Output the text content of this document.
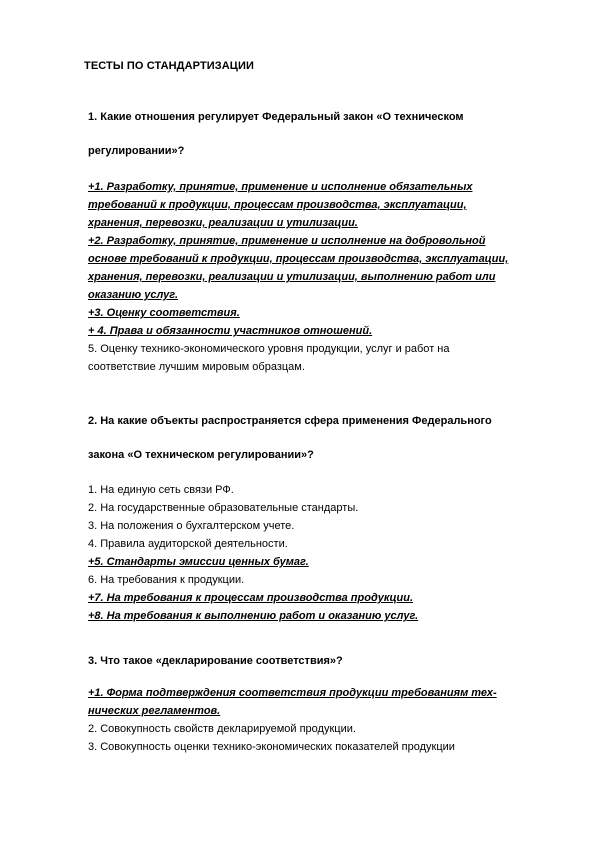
ТЕСТЫ ПО СТАНДАРТИЗАЦИИ
1. Какие отношения регулирует Федеральный закон «О техническом
регулировании»?
+1. Разработку, принятие, применение и исполнение обязательных
требований к продукции, процессам производства, эксплуатации,
хранения, перевозки, реализации и утилизации.
+2. Разработку, принятие, применение и исполнение на добровольной
основе требований к продукции, процессам производства, эксплуатации,
хранения, перевозки, реализации и утилизации, выполнению работ или
оказанию услуг.
+3. Оценку соответствия.
+ 4. Права и обязанности участников отношений.
5. Оценку технико-экономического уровня продукции, услуг и работ на
соответствие лучшим мировым образцам.
2. На какие объекты распространяется сфера применения Федерального
закона «О техническом регулировании»?
1. На единую сеть связи РФ.
2. На государственные образовательные стандарты.
3. На положения о бухгалтерском учете.
4. Правила аудиторской деятельности.
+5. Стандарты эмиссии ценных бумаг.
6. На требования к продукции.
+7. На требования к процессам производства продукции.
+8. На требования к выполнению работ и оказанию услуг.
3. Что такое «декларирование соответствия»?
+1. Форма подтверждения соответствия продукции требованиям тех-
нических регламентов.
2. Совокупность свойств декларируемой продукции.
3. Совокупность оценки технико-экономических показателей продукции
